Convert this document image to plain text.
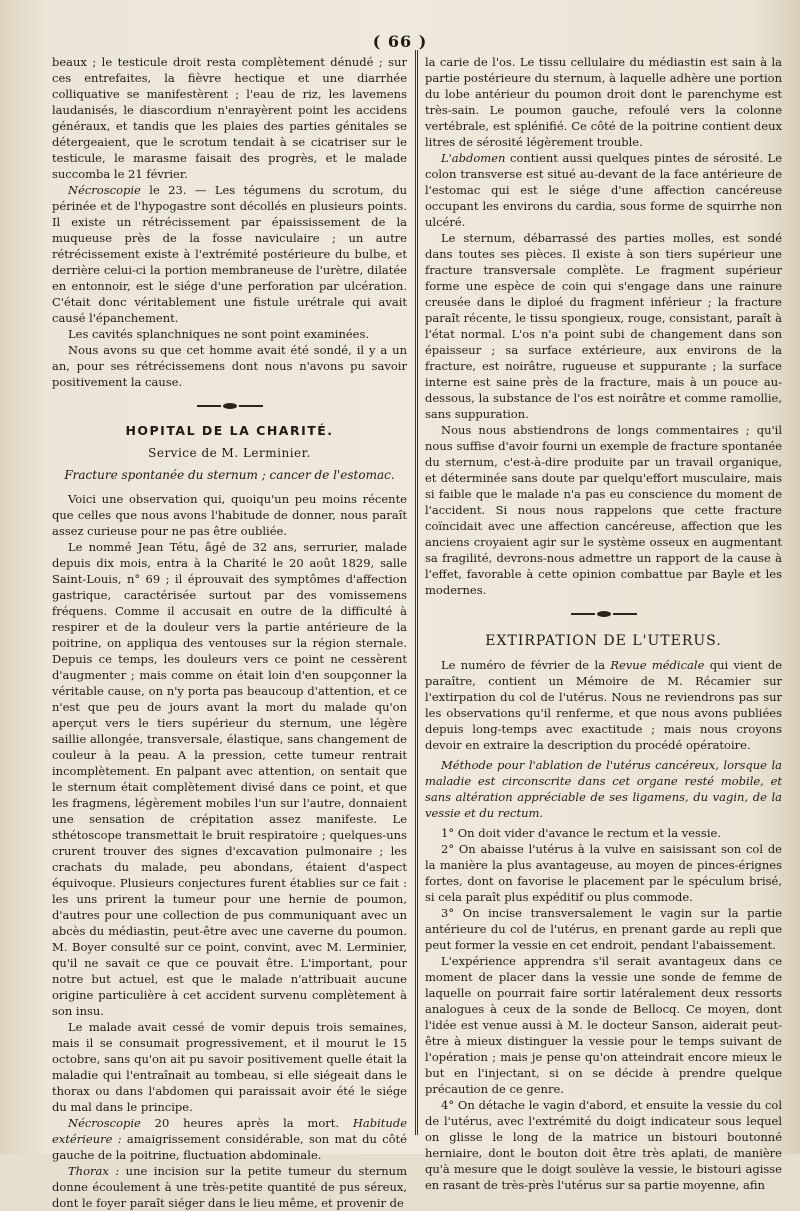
( 66 )

beaux ; le testicule droit resta complètement dénudé ; sur ces entrefaites, la fièvre hectique et une diarrhée colliquative se manifestèrent ; l'eau de riz, les lavemens laudanisés, le diascordium n'enrayèrent point les accidens généraux, et tandis que les plaies des parties génitales se détergeaient, que le scrotum tendait à se cicatriser sur le testicule, le marasme faisait des progrès, et le malade succomba le 21 février.

Nécroscopie le 23. — Les tégumens du scrotum, du périnée et de l'hypogastre sont décollés en plusieurs points. Il existe un rétrécissement par épaississement de la muqueuse près de la fosse naviculaire ; un autre rétrécissement existe à l'extrémité postérieure du bulbe, et derrière celui-ci la portion membraneuse de l'urètre, dilatée en entonnoir, est le siége d'une perforation par ulcération. C'était donc véritablement une fistule urétrale qui avait causé l'épanchement.

Les cavités splanchniques ne sont point examinées.

Nous avons su que cet homme avait été sondé, il y a un an, pour ses rétrécissemens dont nous n'avons pu savoir positivement la cause.

HOPITAL DE LA CHARITÉ.
Service de M. Lerminier.
Fracture spontanée du sternum ; cancer de l'estomac.

Voici une observation qui, quoiqu'un peu moins récente que celles que nous avons l'habitude de donner, nous paraît assez curieuse pour ne pas être oubliée.

Le nommé Jean Tétu, âgé de 32 ans, serrurier, malade depuis dix mois, entra à la Charité le 20 août 1829, salle Saint-Louis, n° 69 ; il éprouvait des symptômes d'affection gastrique, caractérisée surtout par des vomissemens fréquens. Comme il accusait en outre de la difficulté à respirer et de la douleur vers la partie antérieure de la poitrine, on appliqua des ventouses sur la région sternale. Depuis ce temps, les douleurs vers ce point ne cessèrent d'augmenter ; mais comme on était loin d'en soupçonner la véritable cause, on n'y porta pas beaucoup d'attention, et ce n'est que peu de jours avant la mort du malade qu'on aperçut vers le tiers supérieur du sternum, une légère saillie allongée, transversale, élastique, sans changement de couleur à la peau. A la pression, cette tumeur rentrait incomplètement. En palpant avec attention, on sentait que le sternum était complètement divisé dans ce point, et que les fragmens, légèrement mobiles l'un sur l'autre, donnaient une sensation de crépitation assez manifeste. Le sthétoscope transmettait le bruit respiratoire ; quelques-uns crurent trouver des signes d'excavation pulmonaire ; les crachats du malade, peu abondans, étaient d'aspect équivoque. Plusieurs conjectures furent établies sur ce fait : les uns prirent la tumeur pour une hernie de poumon, d'autres pour une collection de pus communiquant avec un abcès du médiastin, peut-être avec une caverne du poumon. M. Boyer consulté sur ce point, convint, avec M. Lerminier, qu'il ne savait ce que ce pouvait être. L'important, pour notre but actuel, est que le malade n'attribuait aucune origine particulière à cet accident survenu complètement à son insu.

Le malade avait cessé de vomir depuis trois semaines, mais il se consumait progressivement, et il mourut le 15 octobre, sans qu'on ait pu savoir positivement quelle était la maladie qui l'entraînait au tombeau, si elle siégeait dans le thorax ou dans l'abdomen qui paraissait avoir été le siége du mal dans le principe.

Nécroscopie 20 heures après la mort. Habitude extérieure : amaigrissement considérable, son mat du côté gauche de la poitrine, fluctuation abdominale.

Thorax : une incision sur la petite tumeur du sternum donne écoulement à une très-petite quantité de pus séreux, dont le foyer paraît siéger dans le lieu même, et provenir de

la carie de l'os. Le tissu cellulaire du médiastin est sain à la partie postérieure du sternum, à laquelle adhère une portion du lobe antérieur du poumon droit dont le parenchyme est très-sain. Le poumon gauche, refoulé vers la colonne vertébrale, est splénifié. Ce côté de la poitrine contient deux litres de sérosité légèrement trouble.

L'abdomen contient aussi quelques pintes de sérosité. Le colon transverse est situé au-devant de la face antérieure de l'estomac qui est le siége d'une affection cancéreuse occupant les environs du cardia, sous forme de squirrhe non ulcéré.

Le sternum, débarrassé des parties molles, est sondé dans toutes ses pièces. Il existe à son tiers supérieur une fracture transversale complète. Le fragment supérieur forme une espèce de coin qui s'engage dans une rainure creusée dans le diploé du fragment inférieur ; la fracture paraît récente, le tissu spongieux, rouge, consistant, paraît à l'état normal. L'os n'a point subi de changement dans son épaisseur ; sa surface extérieure, aux environs de la fracture, est noirâtre, rugueuse et suppurante ; la surface interne est saine près de la fracture, mais à un pouce au-dessous, la substance de l'os est noirâtre et comme ramollie, sans suppuration.

Nous nous abstiendrons de longs commentaires ; qu'il nous suffise d'avoir fourni un exemple de fracture spontanée du sternum, c'est-à-dire produite par un travail organique, et déterminée sans doute par quelqu'effort musculaire, mais si faible que le malade n'a pas eu conscience du moment de l'accident. Si nous nous rappelons que cette fracture coïncidait avec une affection cancéreuse, affection que les anciens croyaient agir sur le système osseux en augmentant sa fragilité, devrons-nous admettre un rapport de la cause à l'effet, favorable à cette opinion combattue par Bayle et les modernes.

EXTIRPATION DE L'UTERUS.

Le numéro de février de la Revue médicale qui vient de paraître, contient un Mémoire de M. Récamier sur l'extirpation du col de l'utérus. Nous ne reviendrons pas sur les observations qu'il renferme, et que nous avons publiées depuis long-temps avec exactitude ; mais nous croyons devoir en extraire la description du procédé opératoire.

Méthode pour l'ablation de l'utérus cancéreux, lorsque la maladie est circonscrite dans cet organe resté mobile, et sans altération appréciable de ses ligamens, du vagin, de la vessie et du rectum.

1° On doit vider d'avance le rectum et la vessie.

2° On abaisse l'utérus à la vulve en saisissant son col de la manière la plus avantageuse, au moyen de pinces-érignes fortes, dont on favorise le placement par le spéculum brisé, si cela paraît plus expéditif ou plus commode.

3° On incise transversalement le vagin sur la partie antérieure du col de l'utérus, en prenant garde au repli que peut former la vessie en cet endroit, pendant l'abaissement.

L'expérience apprendra s'il serait avantageux dans ce moment de placer dans la vessie une sonde de femme de laquelle on pourrait faire sortir latéralement deux ressorts analogues à ceux de la sonde de Bellocq. Ce moyen, dont l'idée est venue aussi à M. le docteur Sanson, aiderait peut-être à mieux distinguer la vessie pour le temps suivant de l'opération ; mais je pense qu'on atteindrait encore mieux le but en l'injectant, si on se décide à prendre quelque précaution de ce genre.

4° On détache le vagin d'abord, et ensuite la vessie du col de l'utérus, avec l'extrémité du doigt indicateur sous lequel on glisse le long de la matrice un bistouri boutonné herniaire, dont le bouton doit être très aplati, de manière qu'à mesure que le doigt soulève la vessie, le bistouri agisse en rasant de très-près l'utérus sur sa partie moyenne, afin
